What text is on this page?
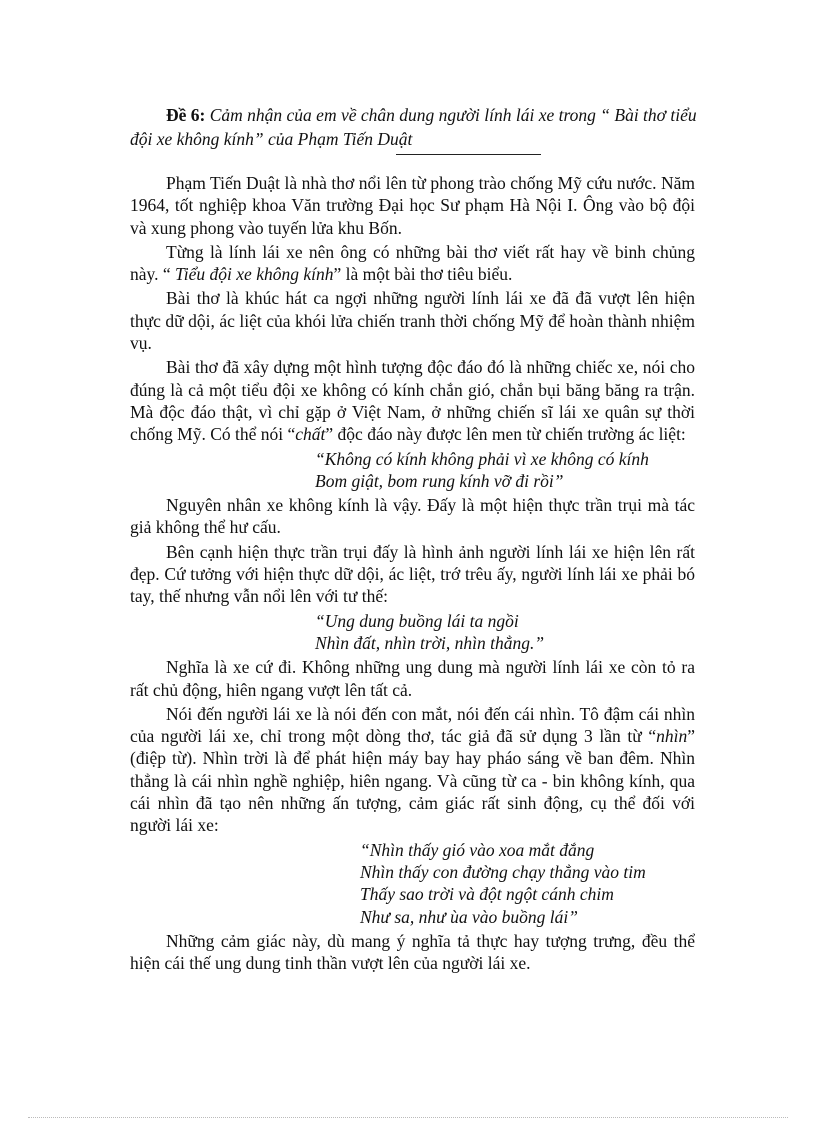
Đề 6: Cảm nhận của em về chân dung người lính lái xe trong “ Bài thơ tiểu đội xe không kính” của Phạm Tiến Duật

Phạm Tiến Duật là nhà thơ nổi lên từ phong trào chống Mỹ cứu nước. Năm 1964, tốt nghiệp khoa Văn trường Đại học Sư phạm Hà Nội I. Ông vào bộ đội và xung phong vào tuyến lửa khu Bốn.

Từng là lính lái xe nên ông có những bài thơ viết rất hay về binh chủng này. “ Tiểu đội xe không kính” là một bài thơ tiêu biểu.

Bài thơ là khúc hát ca ngợi những người lính lái xe đã đã vượt lên hiện thực dữ dội, ác liệt của khói lửa chiến tranh thời chống Mỹ để hoàn thành nhiệm vụ.

Bài thơ đã xây dựng một hình tượng độc đáo đó là những chiếc xe, nói cho đúng là cả một tiểu đội xe không có kính chắn gió, chắn bụi băng băng ra trận. Mà độc đáo thật, vì chỉ gặp ở Việt Nam, ở những chiến sĩ lái xe quân sự thời chống Mỹ. Có thể nói “chất” độc đáo này được lên men từ chiến trường ác liệt:

“Không có kính không phải vì xe không có kính
Bom giật, bom rung kính vỡ đi rồi”

Nguyên nhân xe không kính là vậy. Đấy là một hiện thực trần trụi mà tác giả không thể hư cấu.

Bên cạnh hiện thực trần trụi đấy là hình ảnh người lính lái xe hiện lên rất đẹp. Cứ tưởng với hiện thực dữ dội, ác liệt, trớ trêu ấy, người lính lái xe phải bó tay, thế nhưng vẫn nổi lên với tư thế:

“Ung dung buồng lái ta ngồi
Nhìn đất, nhìn trời, nhìn thẳng.”

Nghĩa là xe cứ đi. Không những ung dung mà người lính lái xe còn tỏ ra rất chủ động, hiên ngang vượt lên tất cả.

Nói đến người lái xe là nói đến con mắt, nói đến cái nhìn. Tô đậm cái nhìn của người lái xe, chỉ trong một dòng thơ, tác giả đã sử dụng 3 lần từ “nhìn” (điệp từ). Nhìn trời là để phát hiện máy bay hay pháo sáng về ban đêm. Nhìn thẳng là cái nhìn nghề nghiệp, hiên ngang. Và cũng từ ca - bin không kính, qua cái nhìn đã tạo nên những ấn tượng, cảm giác rất sinh động, cụ thể đối với người lái xe:

“Nhìn thấy gió vào xoa mắt đắng
Nhìn thấy con đường chạy thẳng vào tim
Thấy sao trời và đột ngột cánh chim
Như sa, như ùa vào buồng lái”

Những cảm giác này, dù mang ý nghĩa tả thực hay tượng trưng, đều thể hiện cái thế ung dung tinh thần vượt lên của người lái xe.
